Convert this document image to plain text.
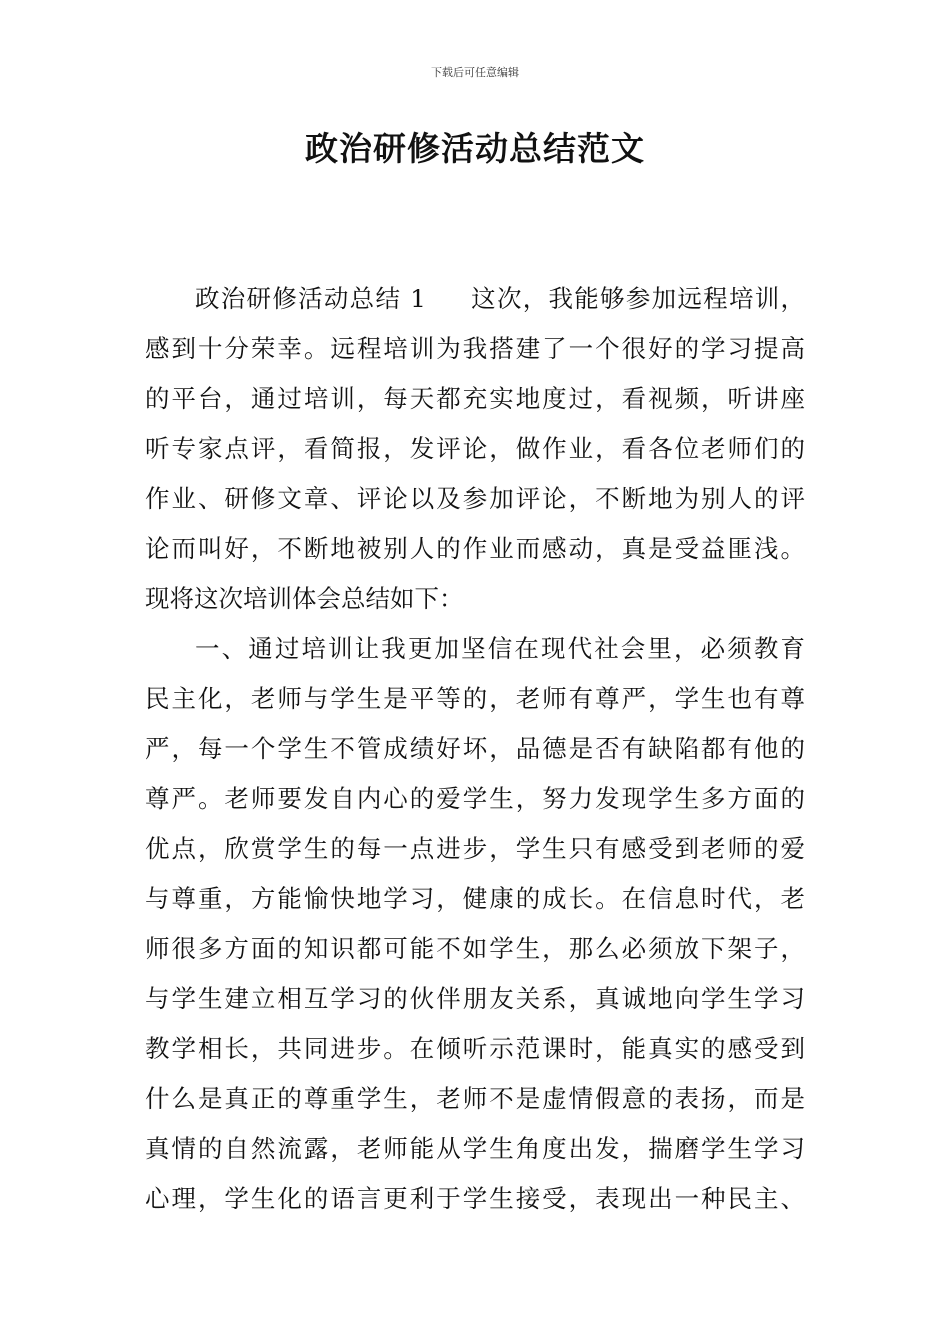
下载后可任意编辑
政治研修活动总结范文
政治研修活动总结 1 这次，我能够参加远程培训，
感到十分荣幸。远程培训为我搭建了一个很好的学习提高
的平台，通过培训，每天都充实地度过，看视频，听讲座
听专家点评，看简报，发评论，做作业，看各位老师们的
作业、研修文章、评论以及参加评论，不断地为别人的评
论而叫好，不断地被别人的作业而感动，真是受益匪浅。
现将这次培训体会总结如下：
一、通过培训让我更加坚信在现代社会里，必须教育
民主化，老师与学生是平等的，老师有尊严，学生也有尊
严，每一个学生不管成绩好坏，品德是否有缺陷都有他的
尊严。老师要发自内心的爱学生，努力发现学生多方面的
优点，欣赏学生的每一点进步，学生只有感受到老师的爱
与尊重，方能愉快地学习，健康的成长。在信息时代，老
师很多方面的知识都可能不如学生，那么必须放下架子，
与学生建立相互学习的伙伴朋友关系，真诚地向学生学习
教学相长，共同进步。在倾听示范课时，能真实的感受到
什么是真正的尊重学生，老师不是虚情假意的表扬，而是
真情的自然流露，老师能从学生角度出发，揣磨学生学习
心理，学生化的语言更利于学生接受，表现出一种民主、
